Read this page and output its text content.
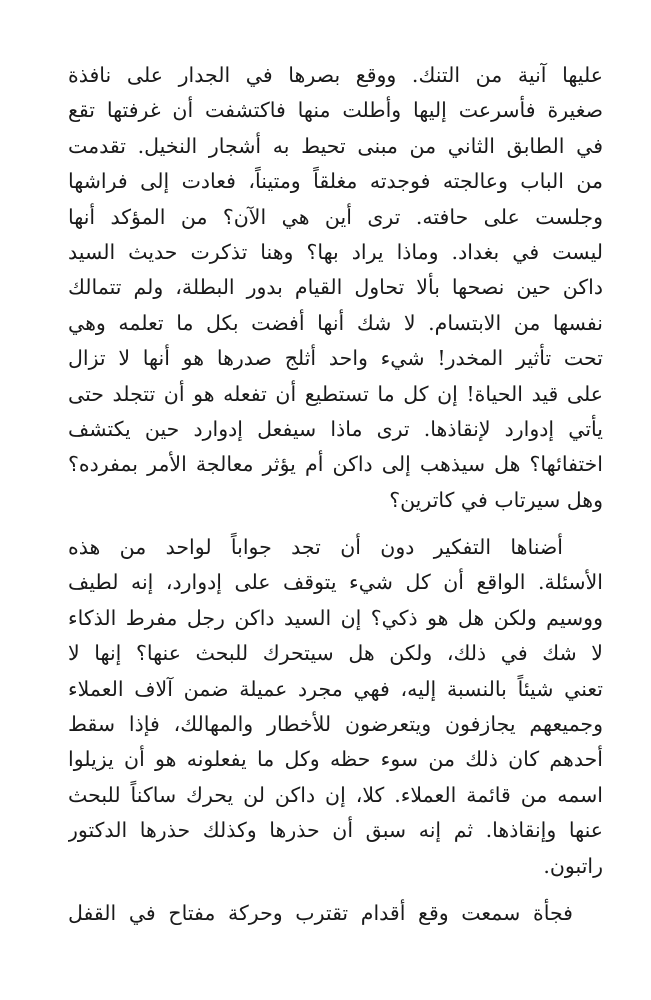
عليها آنية من التنك. ووقع بصرها في الجدار على نافذة
صغيرة فأسرعت إليها وأطلت منها فاكتشفت أن غرفتها تقع
في الطابق الثاني من مبنى تحيط به أشجار النخيل. تقدمت
من الباب وعالجته فوجدته مغلقاً ومتيناً، فعادت إلى فراشها
وجلست على حافته. ترى أين هي الآن؟ من المؤكد أنها
ليست في بغداد. وماذا يراد بها؟ وهنا تذكرت حديث السيد
داكن حين نصحها بألا تحاول القيام بدور البطلة، ولم تتمالك
نفسها من الابتسام. لا شك أنها أفضت بكل ما تعلمه وهي
تحت تأثير المخدر! شيء واحد أثلج صدرها هو أنها لا تزال
على قيد الحياة! إن كل ما تستطيع أن تفعله هو أن تتجلد حتى
يأتي إدوارد لإنقاذها. ترى ماذا سيفعل إدوارد حين يكتشف
اختفائها؟ هل سيذهب إلى داكن أم يؤثر معالجة الأمر بمفرده؟
وهل سيرتاب في كاترين؟

أضناها التفكير دون أن تجد جواباً لواحد من هذه
الأسئلة. الواقع أن كل شيء يتوقف على إدوارد، إنه لطيف
ووسيم ولكن هل هو ذكي؟ إن السيد داكن رجل مفرط الذكاء
لا شك في ذلك، ولكن هل سيتحرك للبحث عنها؟ إنها لا
تعني شيئاً بالنسبة إليه، فهي مجرد عميلة ضمن آلاف العملاء
وجميعهم يجازفون ويتعرضون للأخطار والمهالك، فإذا سقط
أحدهم كان ذلك من سوء حظه وكل ما يفعلونه هو أن يزيلوا
اسمه من قائمة العملاء. كلا، إن داكن لن يحرك ساكناً للبحث
عنها وإنقاذها. ثم إنه سبق أن حذرها وكذلك حذرها الدكتور
راتبون.

فجأة سمعت وقع أقدام تقترب وحركة مفتاح في القفل
